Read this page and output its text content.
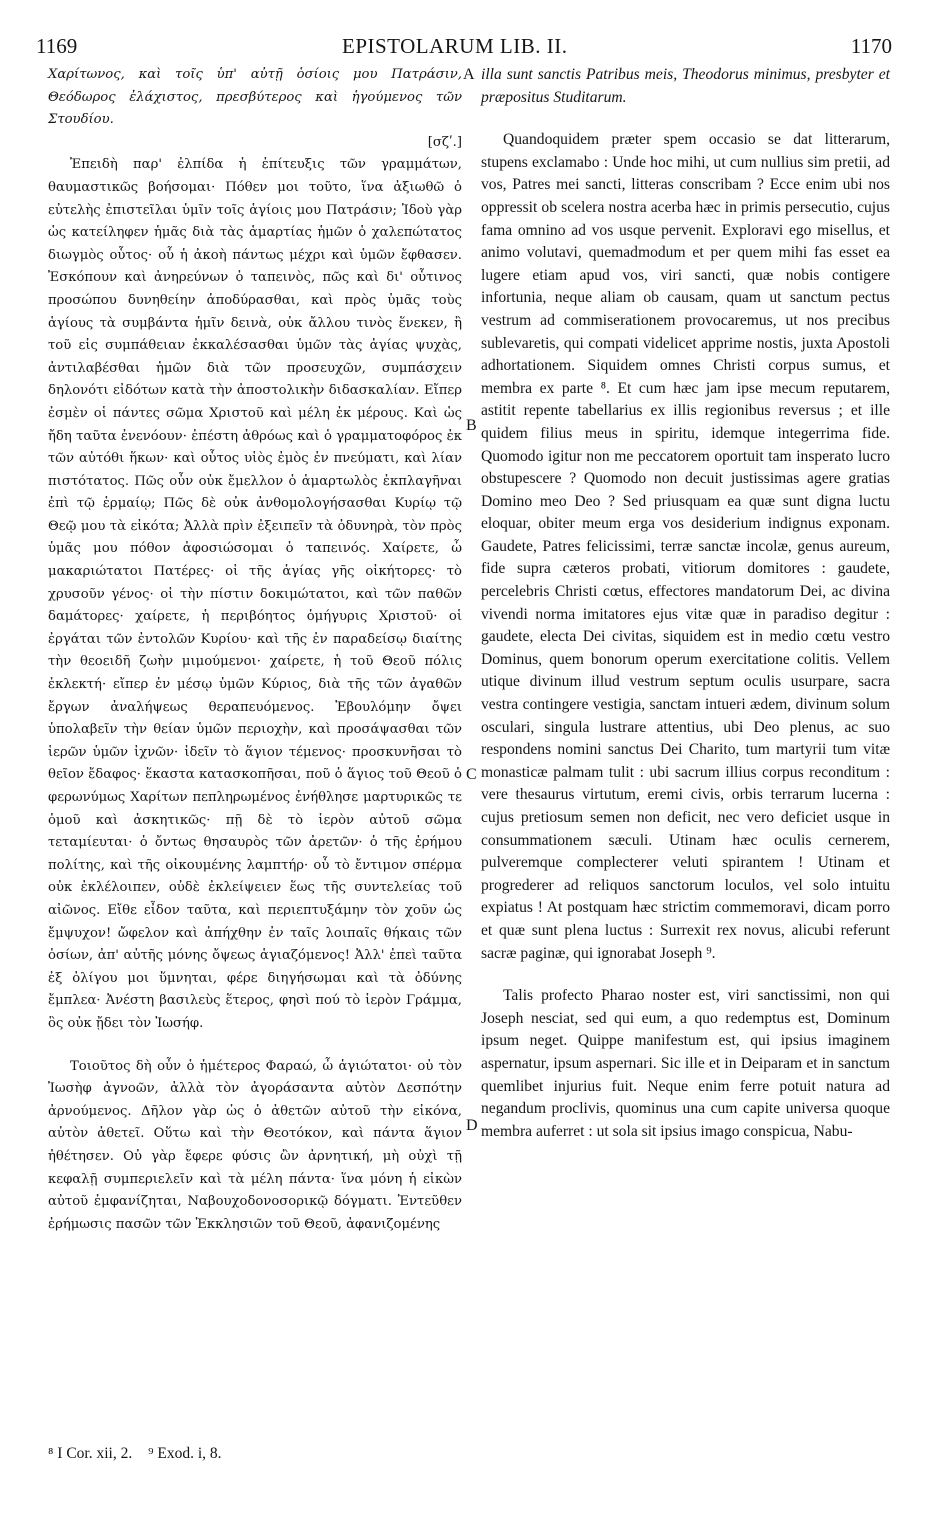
1169	EPISTOLARUM LIB. II.	1170

Χαρίτωνος, καὶ τοῖς ὑπ' αὐτῇ ὁσίοις μου Πατράσιν, Θεόδωρος ἐλάχιστος, πρεσβύτερος καὶ ἡγούμενος τῶν Στουδίου.

[σζʹ.]

Ἐπειδὴ παρ' ἐλπίδα ἡ ἐπίτευξις τῶν γραμμάτων, θαυμαστικῶς βοήσομαι· Πόθεν μοι τοῦτο, ἵνα ἀξιωθῶ ὁ εὐτελὴς ἐπιστεῖλαι ὑμῖν τοῖς ἁγίοις μου Πατράσιν; Ἰδοὺ γὰρ ὡς κατείληφεν ἡμᾶς διὰ τὰς ἁμαρτίας ἡμῶν ὁ χαλεπώτατος διωγμὸς οὗτος· οὗ ἡ ἀκοὴ πάντως μέχρι καὶ ὑμῶν ἔφθασεν. Ἐσκόπουν καὶ ἀνηρεύνων ὁ ταπεινὸς, πῶς καὶ δι' οὗτινος προσώπου δυνηθείην ἀποδύρασθαι, καὶ πρὸς ὑμᾶς τοὺς ἁγίους τὰ συμβάντα ἡμῖν δεινὰ, οὐκ ἄλλου τινὸς ἕνεκεν, ἢ τοῦ εἰς συμπάθειαν ἐκκαλέσασθαι ὑμῶν τὰς ἁγίας ψυχὰς, ἀντιλαβέσθαι ἡμῶν διὰ τῶν προσευχῶν, συμπάσχειν δηλονότι εἰδότων κατὰ τὴν ἀποστολικὴν διδασκαλίαν. Εἴπερ ἐσμὲν οἱ πάντες σῶμα Χριστοῦ καὶ μέλη ἐκ μέρους. Καὶ ὡς ἤδη ταῦτα ἐνενόουν· ἐπέστη ἀθρόως καὶ ὁ γραμματοφόρος ἐκ τῶν αὐτόθι ἥκων· καὶ οὗτος υἱὸς ἐμὸς ἐν πνεύματι, καὶ λίαν πιστότατος. Πῶς οὖν οὐκ ἔμελλον ὁ ἁμαρτωλὸς ἐκπλαγῆναι ἐπὶ τῷ ἑρμαίῳ; Πῶς δὲ οὐκ ἀνθομολογήσασθαι Κυρίῳ τῷ Θεῷ μου τὰ εἰκότα; Ἀλλὰ πρὶν ἐξειπεῖν τὰ ὀδυνηρὰ, τὸν πρὸς ὑμᾶς μου πόθον ἀφοσιώσομαι ὁ ταπεινός. Χαίρετε, ὦ μακαριώτατοι Πατέρες· οἱ τῆς ἁγίας γῆς οἰκήτορες· τὸ χρυσοῦν γένος· οἱ τὴν πίστιν δοκιμώτατοι, καὶ τῶν παθῶν δαμάτορες· χαίρετε, ἡ περιβόητος ὁμήγυρις Χριστοῦ· οἱ ἐργάται τῶν ἐντολῶν Κυρίου· καὶ τῆς ἐν παραδείσῳ διαίτης τὴν θεοειδῆ ζωὴν μιμούμενοι· χαίρετε, ἡ τοῦ Θεοῦ πόλις ἐκλεκτή· εἴπερ ἐν μέσῳ ὑμῶν Κύριος, διὰ τῆς τῶν ἀγαθῶν ἔργων ἀναλήψεως θεραπευόμενος. Ἐβουλόμην ὄψει ὑπολαβεῖν τὴν θείαν ὑμῶν περιοχὴν, καὶ προσάψασθαι τῶν ἱερῶν ὑμῶν ἰχνῶν· ἰδεῖν τὸ ἅγιον τέμενος· προσκυνῆσαι τὸ θεῖον ἔδαφος· ἕκαστα κατασκοπῆσαι, ποῦ ὁ ἅγιος τοῦ Θεοῦ ὁ φερωνύμως Χαρίτων πεπληρωμένος ἐνήθλησε μαρτυρικῶς τε ὁμοῦ καὶ ἀσκητικῶς· πῇ δὲ τὸ ἱερὸν αὐτοῦ σῶμα τεταμίευται· ὁ ὄντως θησαυρὸς τῶν ἀρετῶν· ὁ τῆς ἐρήμου πολίτης, καὶ τῆς οἰκουμένης λαμπτήρ· οὗ τὸ ἔντιμον σπέρμα οὐκ ἐκλέλοιπεν, οὐδὲ ἐκλείψειεν ἕως τῆς συντελείας τοῦ αἰῶνος. Εἴθε εἶδον ταῦτα, καὶ περιεπτυξάμην τὸν χοῦν ὡς ἔμψυχον! ὤφελον καὶ ἀπήχθην ἐν ταῖς λοιπαῖς θήκαις τῶν ὁσίων, ἀπ' αὐτῆς μόνης ὄψεως ἁγιαζόμενος! Ἀλλ' ἐπεὶ ταῦτα ἐξ ὀλίγου μοι ὕμνηται, φέρε διηγήσωμαι καὶ τὰ ὀδύνης ἔμπλεα· Ἀνέστη βασιλεὺς ἕτερος, φησὶ πού τὸ ἱερὸν Γράμμα, ὃς οὐκ ᾔδει τὸν Ἰωσήφ.

Τοιοῦτος δὴ οὖν ὁ ἡμέτερος Φαραώ, ὦ ἁγιώτατοι· οὐ τὸν Ἰωσὴφ ἀγνοῶν, ἀλλὰ τὸν ἀγοράσαντα αὐτὸν Δεσπότην ἀρνούμενος. Δῆλον γὰρ ὡς ὁ ἀθετῶν αὐτοῦ τὴν εἰκόνα, αὐτὸν ἀθετεῖ. Οὕτω καὶ τὴν Θεοτόκον, καὶ πάντα ἅγιον ἠθέτησεν. Οὐ γὰρ ἔφερε φύσις ὢν ἀρνητική, μὴ οὐχὶ τῇ κεφαλῇ συμπεριελεῖν καὶ τὰ μέλη πάντα· ἵνα μόνη ἡ εἰκὼν αὐτοῦ ἐμφανίζηται, Ναβουχοδονοσορικῷ δόγματι. Ἐντεῦθεν ἐρήμωσις πασῶν τῶν Ἐκκλησιῶν τοῦ Θεοῦ, ἀφανιζομένης

illa sunt sanctis Patribus meis, Theodorus minimus, presbyter et præpositus Studitarum.

Quandoquidem præter spem occasio se dat litterarum, stupens exclamabo : Unde hoc mihi, ut cum nullius sim pretii, ad vos, Patres mei sancti, litteras conscribam ? Ecce enim ubi nos oppressit ob scelera nostra acerba hæc in primis persecutio, cujus fama omnino ad vos usque pervenit. Exploravi ego misellus, et animo volutavi, quemadmodum et per quem mihi fas esset ea lugere etiam apud vos, viri sancti, quæ nobis contigere infortunia, neque aliam ob causam, quam ut sanctum pectus vestrum ad commiserationem provocaremus, ut nos precibus sublevaretis, qui compati videlicet apprime nostis, juxta Apostoli adhortationem. Siquidem omnes Christi corpus sumus, et membra ex parte ⁸. Et cum hæc jam ipse mecum reputarem, astitit repente tabellarius ex illis regionibus reversus ; et ille quidem filius meus in spiritu, idemque integerrima fide. Quomodo igitur non me peccatorem oportuit tam insperato lucro obstupescere ? Quomodo non decuit justissimas agere gratias Domino meo Deo ? Sed priusquam ea quæ sunt digna luctu eloquar, obiter meum erga vos desiderium indignus exponam. Gaudete, Patres felicissimi, terræ sanctæ incolæ, genus aureum, fide supra cæteros probati, vitiorum domitores : gaudete, percelebris Christi cœtus, effectores mandatorum Dei, ac divina vivendi norma imitatores ejus vitæ quæ in paradiso degitur : gaudete, electa Dei civitas, siquidem est in medio cœtu vestro Dominus, quem bonorum operum exercitatione colitis. Vellem utique divinum illud vestrum septum oculis usurpare, sacra vestra contingere vestigia, sanctam intueri ædem, divinum solum osculari, singula lustrare attentius, ubi Deo plenus, ac suo respondens nomini sanctus Dei Charito, tum martyrii tum vitæ monasticæ palmam tulit : ubi sacrum illius corpus reconditum : vere thesaurus virtutum, eremi civis, orbis terrarum lucerna : cujus pretiosum semen non deficit, nec vero deficiet usque in consummationem sæculi. Utinam hæc oculis cernerem, pulveremque complecterer veluti spirantem ! Utinam et progrederer ad reliquos sanctorum loculos, vel solo intuitu expiatus ! At postquam hæc strictim commemoravi, dicam porro et quæ sunt plena luctus : Surrexit rex novus, alicubi referunt sacræ paginæ, qui ignorabat Joseph ⁹.

Talis profecto Pharao noster est, viri sanctissimi, non qui Joseph nesciat, sed qui eum, a quo redemptus est, Dominum ipsum neget. Quippe manifestum est, qui ipsius imaginem aspernatur, ipsum aspernari. Sic ille et in Deiparam et in sanctum quemlibet injurius fuit. Neque enim ferre potuit natura ad negandum proclivis, quominus una cum capite universa quoque membra auferret : ut sola sit ipsius imago conspicua, Nabu-

A
B
C
D
⁸ I Cor. xii, 2. ⁹ Exod. i, 8.
